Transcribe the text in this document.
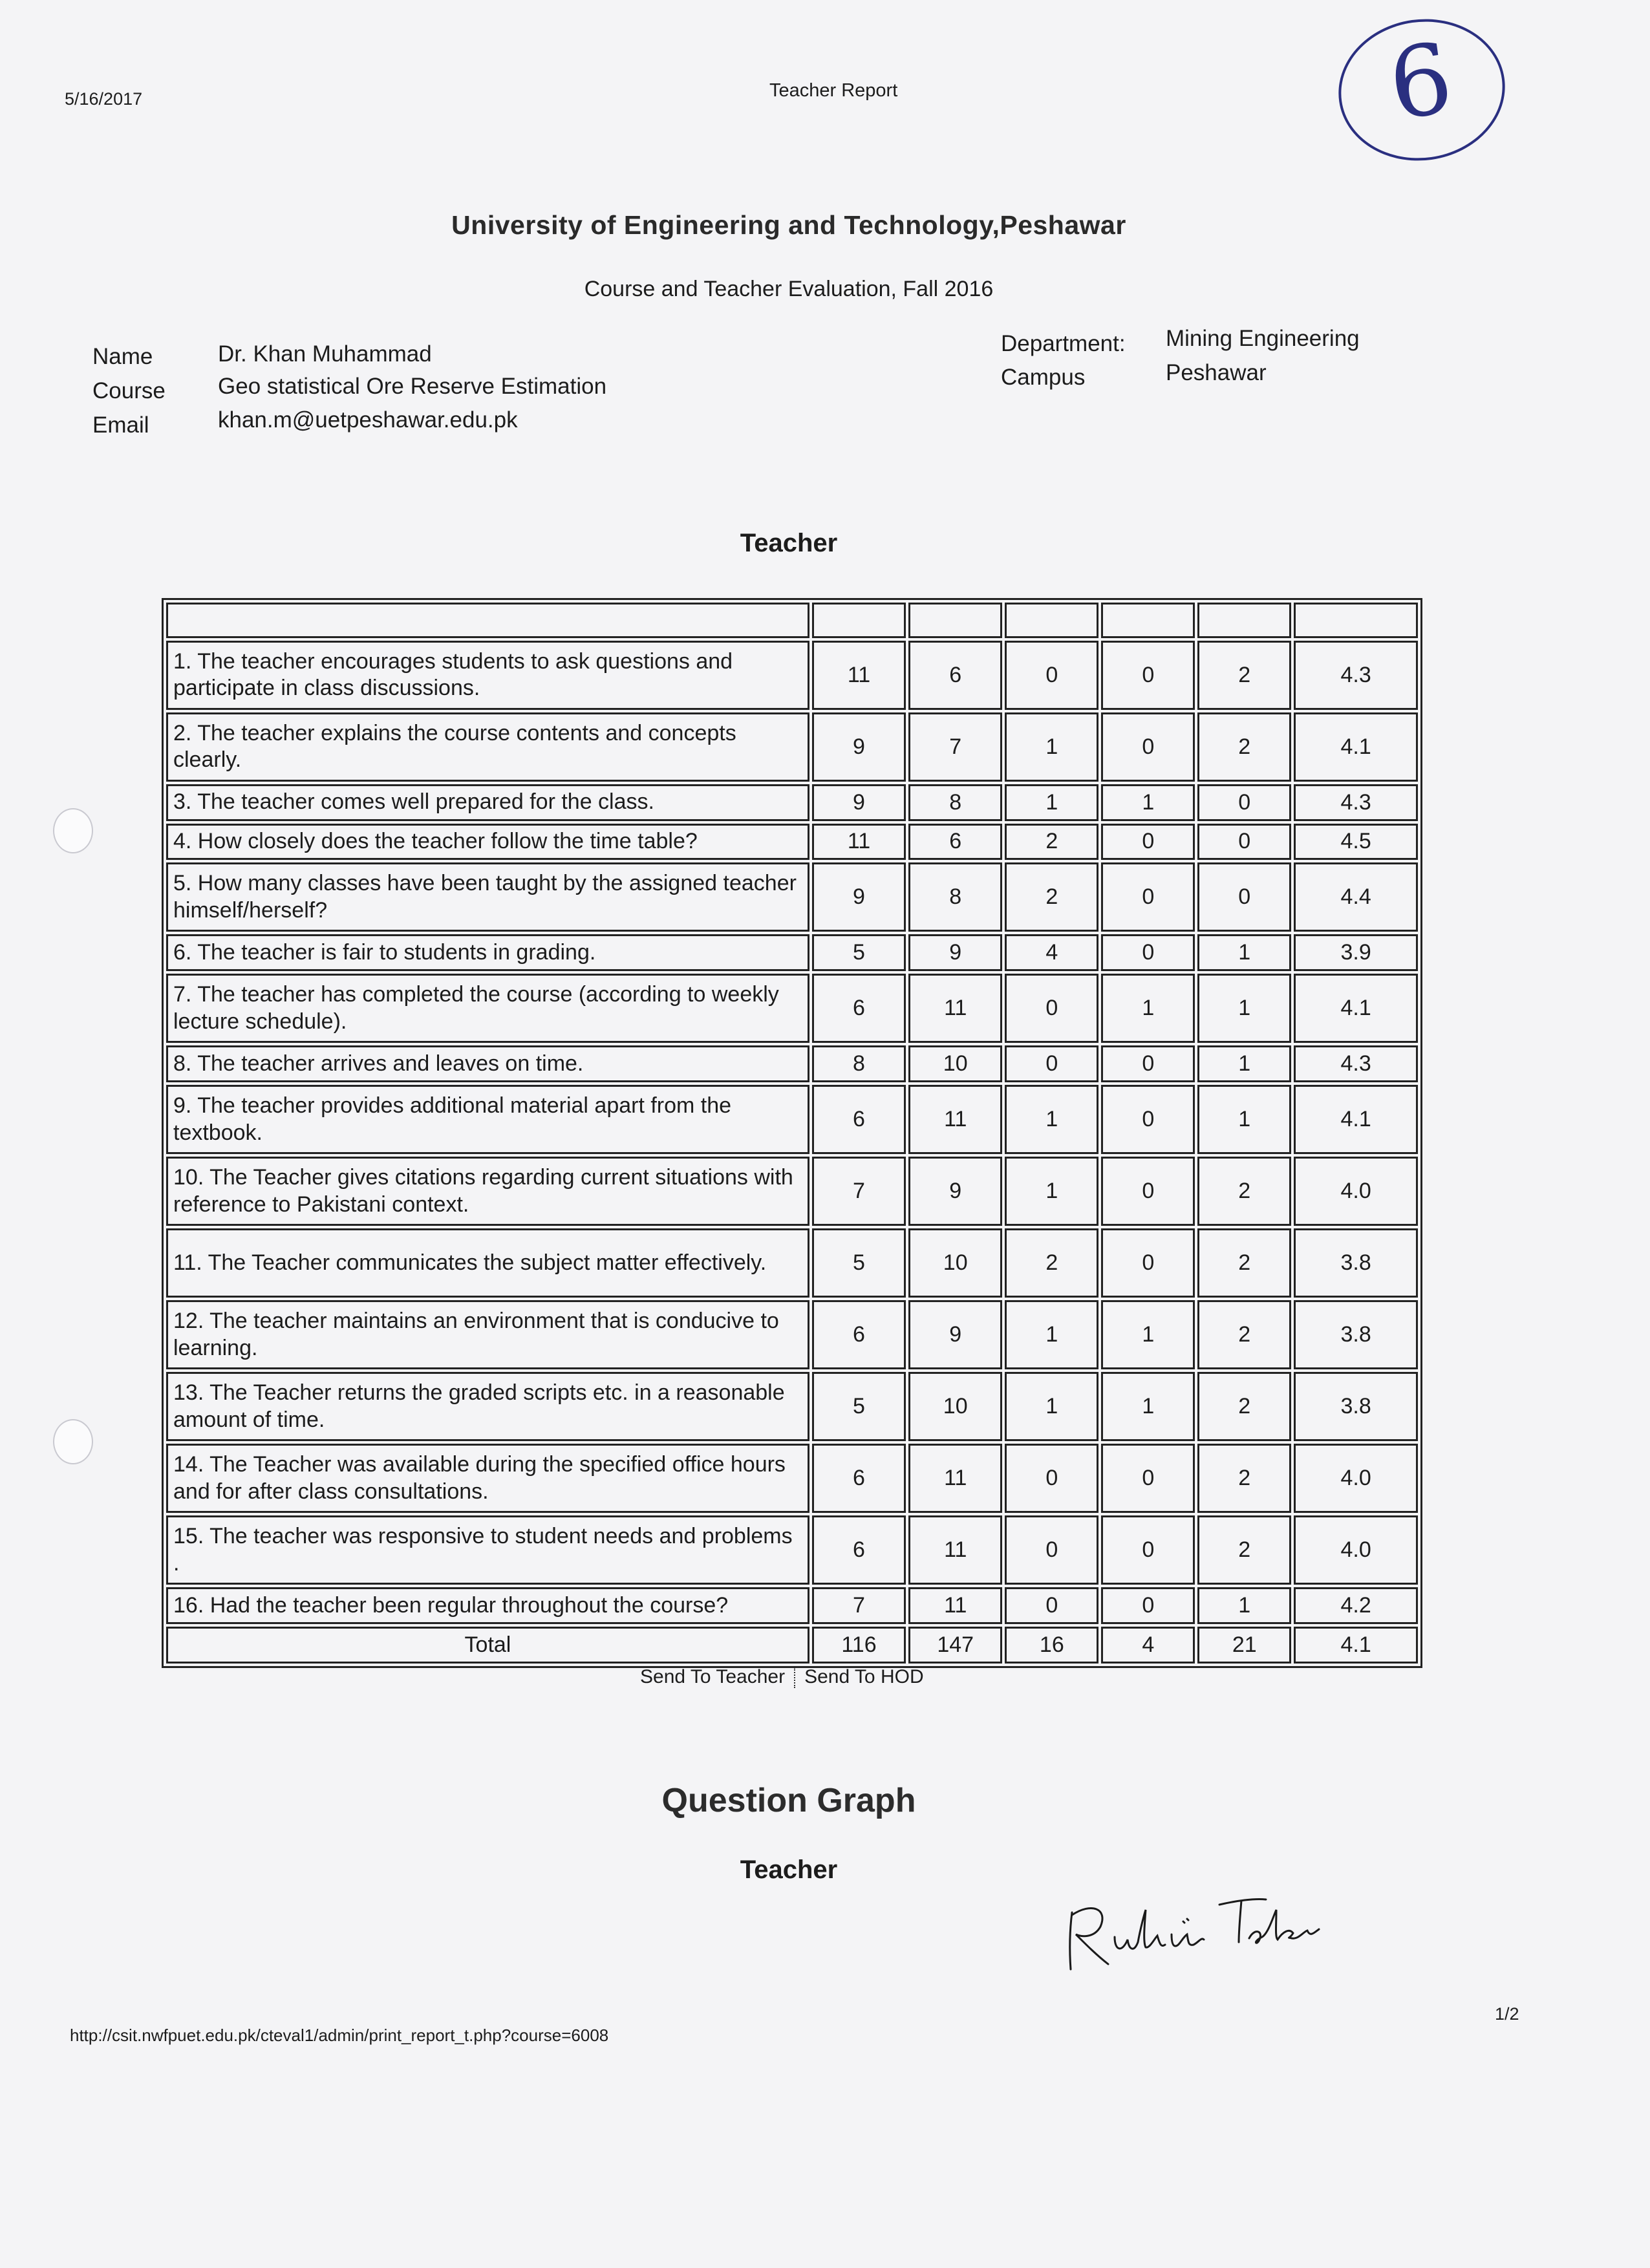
5/16/2017	Teacher Report	6
University of Engineering and Technology,Peshawar
Course and Teacher Evaluation, Fall 2016
Name	Dr. Khan Muhammad
Course Geo statistical Ore Reserve Estimation
Email	khan.m@uetpeshawar.edu.pk
Department: Mining Engineering
Campus	Peshawar
Teacher

1. The teacher encourages students to ask questions and participate in class discussions.	11	6	0	0	2	4.3
2. The teacher explains the course contents and concepts clearly.	9	7	1	0	2	4.1
3. The teacher comes well prepared for the class.	9	8	1	1	0	4.3
4. How closely does the teacher follow the time table?	11	6	2	0	0	4.5
5. How many classes have been taught by the assigned teacher himself/herself?	9	8	2	0	0	4.4
6. The teacher is fair to students in grading.	5	9	4	0	1	3.9
7. The teacher has completed the course (according to weekly lecture schedule).	6	11	0	1	1	4.1
8. The teacher arrives and leaves on time.	8	10	0	0	1	4.3
9. The teacher provides additional material apart from the textbook.	6	11	1	0	1	4.1
10. The Teacher gives citations regarding current situations with reference to Pakistani context.	7	9	1	0	2	4.0
11. The Teacher communicates the subject matter effectively.	5	10	2	0	2	3.8
12. The teacher maintains an environment that is conducive to learning.	6	9	1	1	2	3.8
13. The Teacher returns the graded scripts etc. in a reasonable amount of time.	5	10	1	1	2	3.8
14. The Teacher was available during the specified office hours and for after class consultations.	6	11	0	0	2	4.0
15. The teacher was responsive to student needs and problems .	6	11	0	0	2	4.0
16. Had the teacher been regular throughout the course?	7	11	0	0	1	4.2
Total	116	147	16	4	21	4.1
Send To Teacher Send To HOD
Question Graph
Teacher
http://csit.nwfpuet.edu.pk/cteval1/admin/print_report_t.php?course=6008
1/2
